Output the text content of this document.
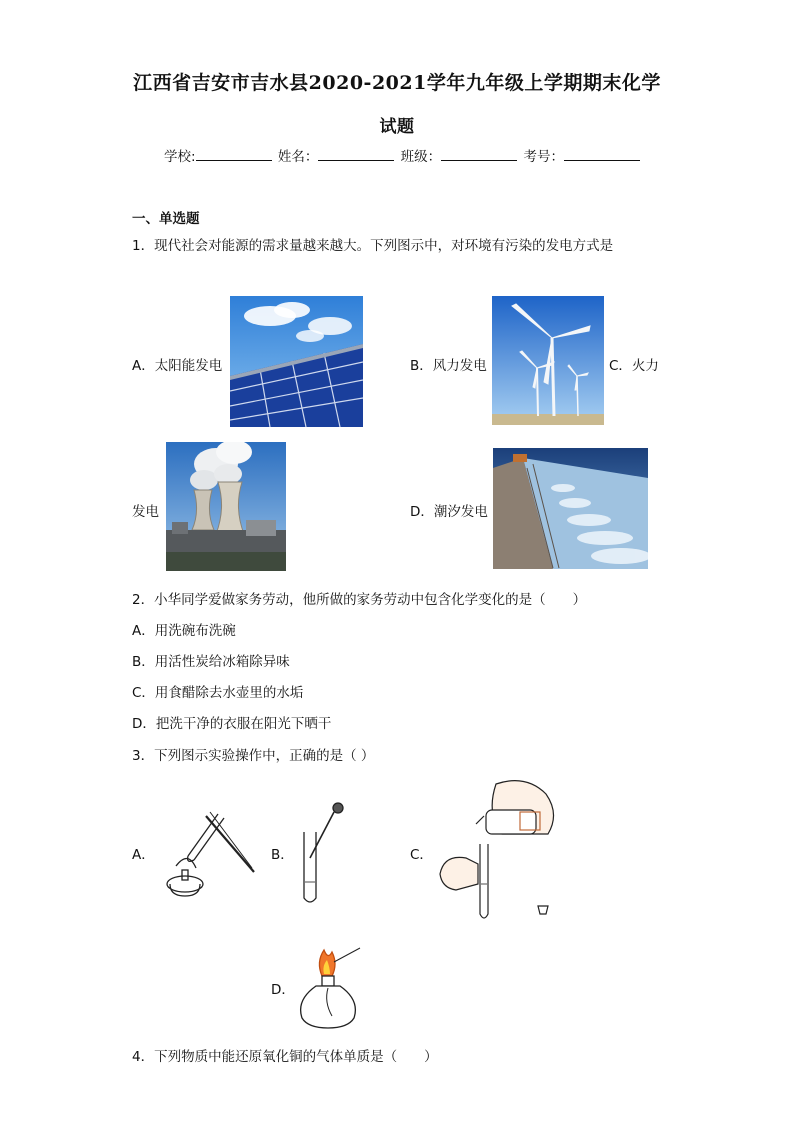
江西省吉安市吉水县2020-2021学年九年级上学期期末化学
试题
学校:	姓名：	班级：	考号：
一、单选题
1．现代社会对能源的需求量越来越大。下列图示中，对环境有污染的发电方式是
A．太阳能发电	B．风力发电	C．火力
发电	D．潮汐发电
2．小华同学爱做家务劳动，他所做的家务劳动中包含化学变化的是（　　）
A．用洗碗布洗碗
B．用活性炭给冰箱除异味
C．用食醋除去水壶里的水垢
D．把洗干净的衣服在阳光下晒干
3．下列图示实验操作中，正确的是（ ）
A．	B．	C．
D．
4．下列物质中能还原氧化铜的气体单质是（　　）
